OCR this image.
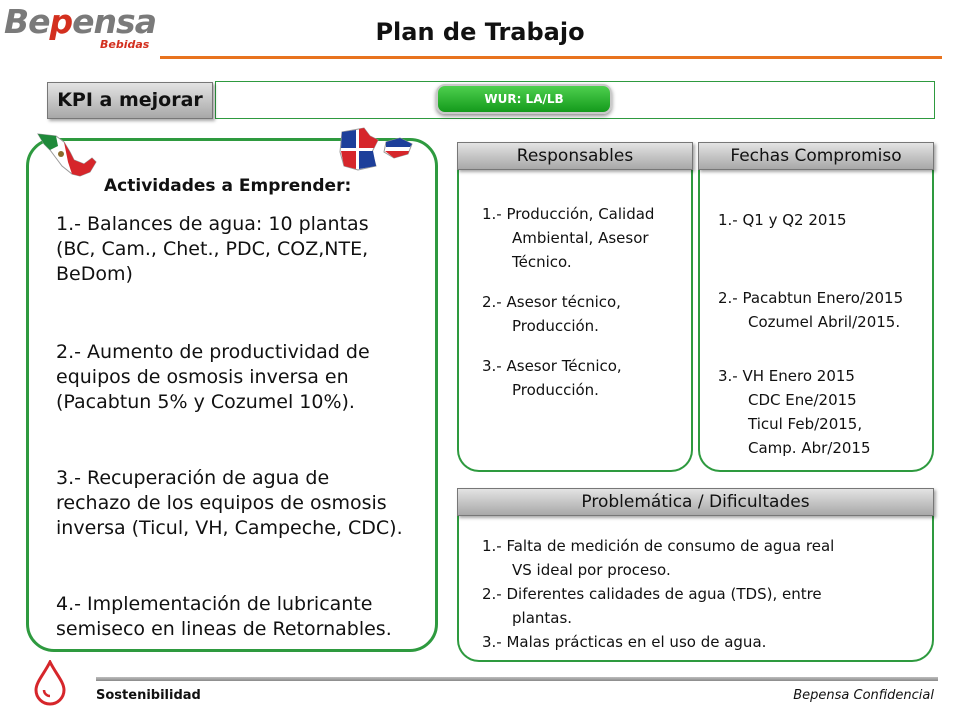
Bepensa
Bebidas	Plan de Trabajo
KPI a mejorar	WUR: LA/LB
Actividades a Emprender:
1.- Balances de agua: 10 plantas (BC, Cam., Chet., PDC, COZ,NTE, BeDom)
2.- Aumento de productividad de equipos de osmosis inversa en (Pacabtun 5% y Cozumel 10%).
3.- Recuperación de agua de rechazo de los equipos de osmosis inversa (Ticul, VH, Campeche, CDC).
4.- Implementación de lubricante semiseco en lineas de Retornables.
Responsables
1.- Producción, Calidad
Ambiental, Asesor
Técnico.
2.- Asesor técnico,
Producción.
3.- Asesor Técnico,
Producción.
Fechas Compromiso
1.- Q1 y Q2 2015
2.- Pacabtun Enero/2015
Cozumel Abril/2015.
3.- VH Enero 2015
CDC Ene/2015
Ticul Feb/2015,
Camp. Abr/2015
Problemática / Dificultades
1.- Falta de medición de consumo de agua real
VS ideal por proceso.
2.- Diferentes calidades de agua (TDS), entre
plantas.
3.- Malas prácticas en el uso de agua.
Sostenibilidad	Bepensa Confidencial
